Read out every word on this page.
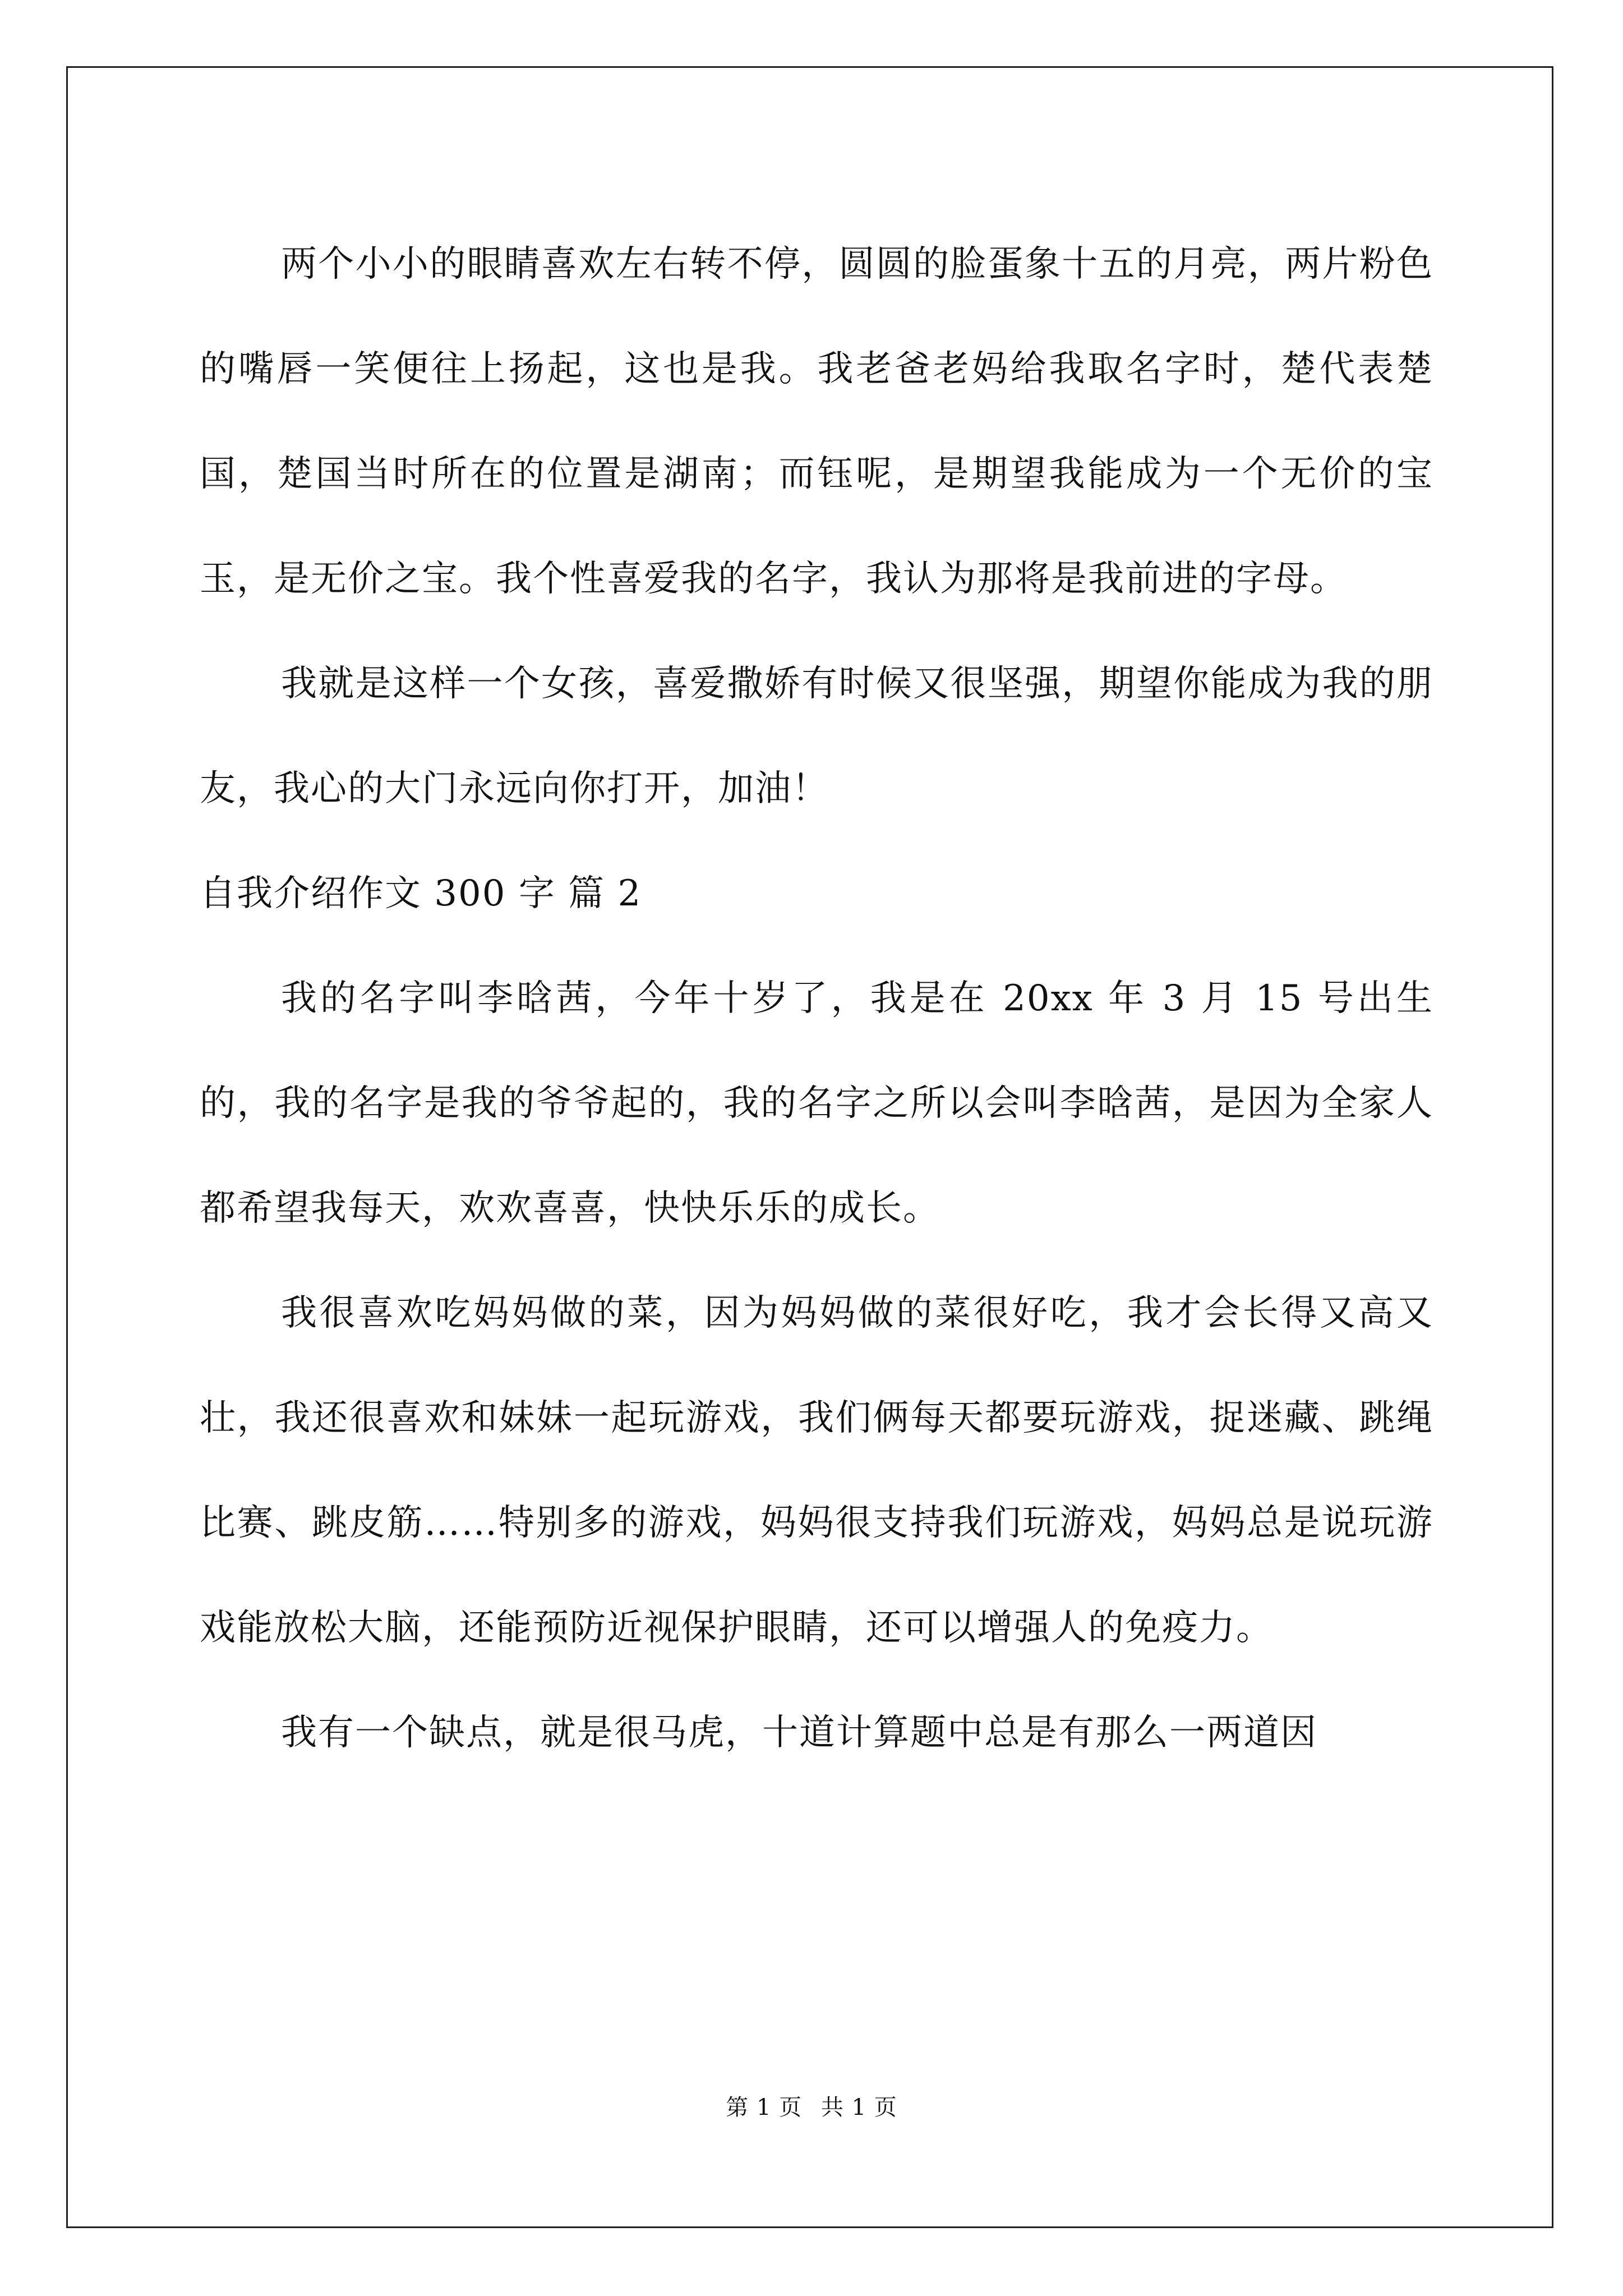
两个小小的眼睛喜欢左右转不停，圆圆的脸蛋象十五的月亮，两片粉色的嘴唇一笑便往上扬起，这也是我。我老爸老妈给我取名字时，楚代表楚国，楚国当时所在的位置是湖南；而钰呢，是期望我能成为一个无价的宝玉，是无价之宝。我个性喜爱我的名字，我认为那将是我前进的字母。

我就是这样一个女孩，喜爱撒娇有时候又很坚强，期望你能成为我的朋友，我心的大门永远向你打开，加油！

自我介绍作文 300 字 篇 2

我的名字叫李晗茜，今年十岁了，我是在 20xx 年 3 月 15 号出生的，我的名字是我的爷爷起的，我的名字之所以会叫李晗茜，是因为全家人都希望我每天，欢欢喜喜，快快乐乐的成长。

我很喜欢吃妈妈做的菜，因为妈妈做的菜很好吃，我才会长得又高又壮，我还很喜欢和妹妹一起玩游戏，我们俩每天都要玩游戏，捉迷藏、跳绳比赛、跳皮筋……特别多的游戏，妈妈很支持我们玩游戏，妈妈总是说玩游戏能放松大脑，还能预防近视保护眼睛，还可以增强人的免疫力。

我有一个缺点，就是很马虎，十道计算题中总是有那么一两道因

第 1 页 共 1 页
